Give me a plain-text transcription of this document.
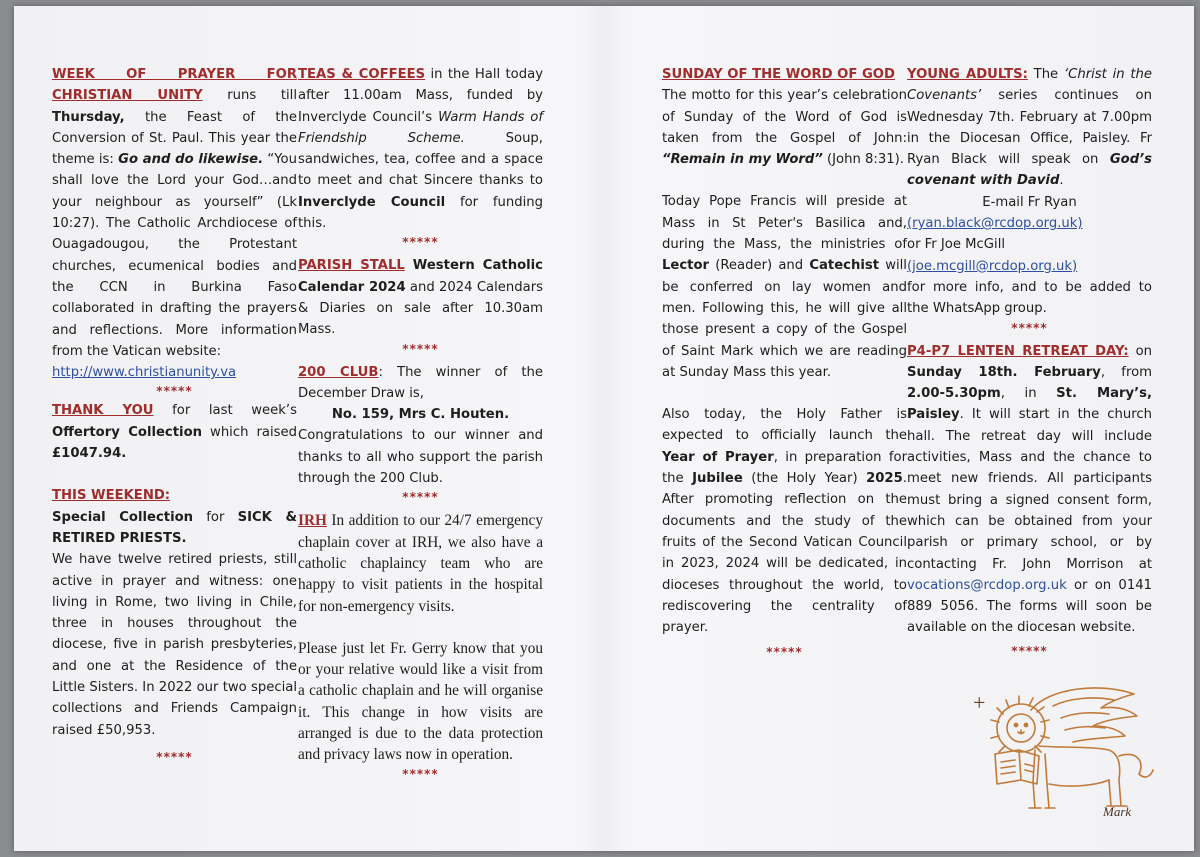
WEEK OF PRAYER FOR CHRISTIAN UNITY runs till Thursday, the Feast of the Conversion of St. Paul. This year the theme is: Go and do likewise. “You shall love the Lord your God…and your neighbour as yourself” (Lk 10:27). The Catholic Archdiocese of Ouagadougou, the Protestant churches, ecumenical bodies and the CCN in Burkina Faso collaborated in drafting the prayers and reflections. More information from the Vatican website:

http://www.christianunity.va

*****

THANK YOU for last week’s Offertory Collection which raised £1047.94.

THIS WEEKEND:

Special Collection for SICK & RETIRED PRIESTS.

We have twelve retired priests, still active in prayer and witness: one living in Rome, two living in Chile, three in houses throughout the diocese, five in parish presbyteries, and one at the Residence of the Little Sisters. In 2022 our two special collections and Friends Campaign raised £50,953.

*****

TEAS & COFFEES in the Hall today after 11.00am Mass, funded by Inverclyde Council’s Warm Hands of Friendship Scheme. Soup, sandwiches, tea, coffee and a space to meet and chat Sincere thanks to Inverclyde Council for funding this.

*****

PARISH STALL Western Catholic Calendar 2024 and 2024 Calendars & Diaries on sale after 10.30am Mass.

*****

200 CLUB: The winner of the December Draw is,

No. 159, Mrs C. Houten.

Congratulations to our winner and thanks to all who support the parish through the 200 Club.

*****

IRH In addition to our 24/7 emergency chaplain cover at IRH, we also have a catholic chaplaincy team who are happy to visit patients in the hospital for non-emergency visits.

Please just let Fr. Gerry know that you or your relative would like a visit from a catholic chaplain and he will organise it. This change in how visits are arranged is due to the data protection and privacy laws now in operation.

*****

SUNDAY OF THE WORD OF GOD

The motto for this year’s celebration of Sunday of the Word of God is taken from the Gospel of John: “Remain in my Word” (John 8:31).

Today Pope Francis will preside at Mass in St Peter's Basilica and, during the Mass, the ministries of Lector (Reader) and Catechist will be conferred on lay women and men. Following this, he will give all those present a copy of the Gospel of Saint Mark which we are reading at Sunday Mass this year.

Also today, the Holy Father is expected to officially launch the Year of Prayer, in preparation for the Jubilee (the Holy Year) 2025. After promoting reflection on the documents and the study of the fruits of the Second Vatican Council in 2023, 2024 will be dedicated, in dioceses throughout the world, to rediscovering the centrality of prayer.

*****

YOUNG ADULTS: The ‘Christ in the Covenants’ series continues on Wednesday 7th. February at 7.00pm in the Diocesan Office, Paisley. Fr Ryan Black will speak on God’s covenant with David.

E-mail Fr Ryan

(ryan.black@rcdop.org.uk)

or Fr Joe McGill

(joe.mcgill@rcdop.org.uk)

for more info, and to be added to the WhatsApp group.

*****

P4-P7 LENTEN RETREAT DAY: on Sunday 18th. February, from 2.00-5.30pm, in St. Mary’s, Paisley. It will start in the church hall. The retreat day will include activities, Mass and the chance to meet new friends. All participants must bring a signed consent form, which can be obtained from your parish or primary school, or by contacting Fr. John Morrison at vocations@rcdop.org.uk or on 0141 889 5056. The forms will soon be available on the diocesan website.

*****

+
Mark
